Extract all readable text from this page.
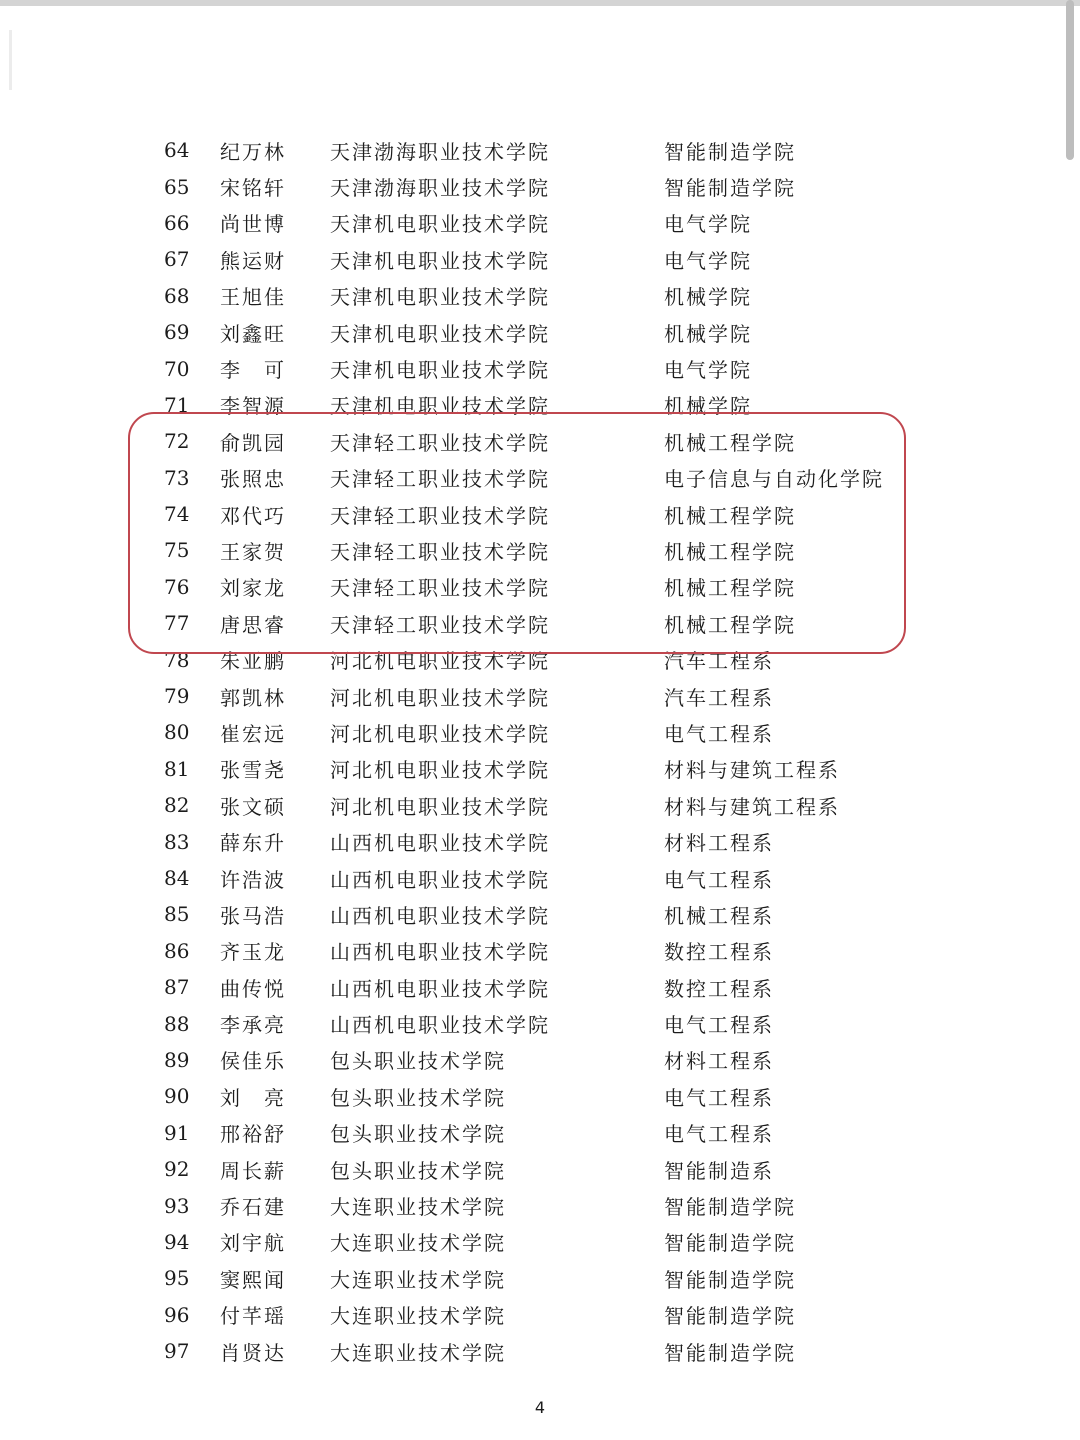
64	纪万林	天津渤海职业技术学院	智能制造学院
65	宋铭轩	天津渤海职业技术学院	智能制造学院
66	尚世博	天津机电职业技术学院	电气学院
67	熊运财	天津机电职业技术学院	电气学院
68	王旭佳	天津机电职业技术学院	机械学院
69	刘鑫旺	天津机电职业技术学院	机械学院
70	李　可	天津机电职业技术学院	电气学院
71	李智源	天津机电职业技术学院	机械学院
72	俞凯园	天津轻工职业技术学院	机械工程学院
73	张照忠	天津轻工职业技术学院	电子信息与自动化学院
74	邓代巧	天津轻工职业技术学院	机械工程学院
75	王家贺	天津轻工职业技术学院	机械工程学院
76	刘家龙	天津轻工职业技术学院	机械工程学院
77	唐思睿	天津轻工职业技术学院	机械工程学院
78	朱亚鹏	河北机电职业技术学院	汽车工程系
79	郭凯林	河北机电职业技术学院	汽车工程系
80	崔宏远	河北机电职业技术学院	电气工程系
81	张雪尧	河北机电职业技术学院	材料与建筑工程系
82	张文硕	河北机电职业技术学院	材料与建筑工程系
83	薛东升	山西机电职业技术学院	材料工程系
84	许浩波	山西机电职业技术学院	电气工程系
85	张马浩	山西机电职业技术学院	机械工程系
86	齐玉龙	山西机电职业技术学院	数控工程系
87	曲传悦	山西机电职业技术学院	数控工程系
88	李承亮	山西机电职业技术学院	电气工程系
89	侯佳乐	包头职业技术学院	材料工程系
90	刘　亮	包头职业技术学院	电气工程系
91	邢裕舒	包头职业技术学院	电气工程系
92	周长薪	包头职业技术学院	智能制造系
93	乔石建	大连职业技术学院	智能制造学院
94	刘宇航	大连职业技术学院	智能制造学院
95	窦熙闻	大连职业技术学院	智能制造学院
96	付芊瑶	大连职业技术学院	智能制造学院
97	肖贤达	大连职业技术学院	智能制造学院
4
